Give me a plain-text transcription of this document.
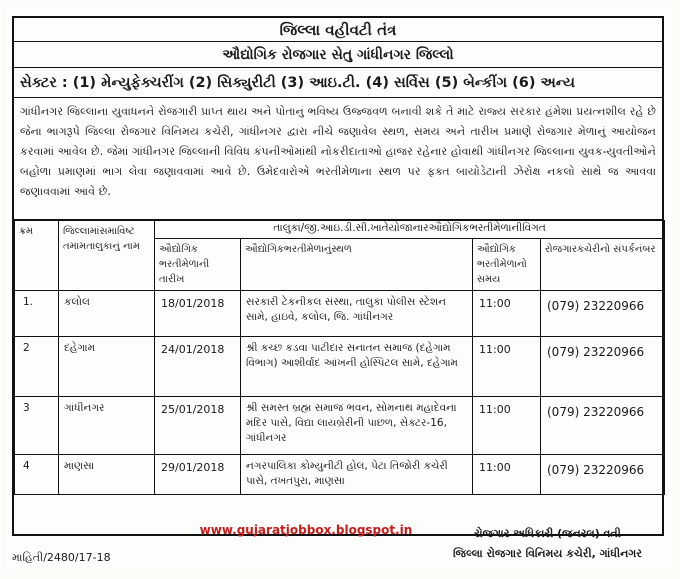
જિલ્લા વહીવટી તંત્ર
ઔદ્યોગિક રોજગાર સેતુ ગાંધીનગર જિલ્લો
સેક્ટર : (1) મેન્યુફેક્ચરીંગ (2) સિક્યુરીટી (3) આઇ.ટી. (4) સર્વિસ (5) બેન્કીંગ (6) અન્ય
ગાંધીનગર જિલ્લાના યુવાધનને રોજગારી પ્રાપ્ત થાય અને પોતાનું ભવિષ્ય ઉજ્જવળ બનાવી શકે તે માટે રાજ્ય સરકાર હંમેશા પ્રયત્નશીલ રહે છે જેના ભાગરૂપે જિલ્લા રોજગાર વિનિમય કચેરી, ગાંધીનગર દ્વારા નીચે જણાવેલ સ્થળ, સમય અને તારીખ પ્રમાણે રોજગાર મેળાનું આયોજન કરવામાં આવેલ છે. જેમાં ગાંધીનગર જિલ્લાની વિવિધ કંપનીઓમાંથી નોકરીદાતાઓ હાજર રહેનાર હોવાથી ગાંધીનગર જિલ્લાના યુવક-યુવતીઓને બહોળા પ્રમાણમાં ભાગ લેવા જણાવવામાં આવે છે. ઉમેદવારોએ ભરતીમેળાના સ્થળ પર ફક્ત બાયોડેટાની ઝેરોક્ષ નકલો સાથે જ આવવા જણાવવામાં આવે છે.
ક્રમ	જિલ્લામાંસમાવિષ્ટ તમામતાલુકાનું નામ	તાલુકા/જી.આઇ.ડી.સી.ખાતેયોજાનારઔદ્યોગિકભરતીમેળાનીવિગત			
		ઔદ્યોગિક ભરતીમેળાની તારીખ	ઔદ્યોગિકભરતીમેળાનુંસ્થળ	ઔદ્યોગિક ભરતીમેળાનો સમય	રોજગારકચેરીનો સંપર્કનંબર
1.	કલોલ	18/01/2018	સરકારી ટેકનીકલ સંસ્થા, તાલુકા પોલીસ સ્ટેશન સામે, હાઇવે, કલોલ, જિ. ગાંધીનગર	11:00	(079) 23220966
2	દહેગામ	24/01/2018	શ્રી કચ્છ કડવા પાટીદાર સનાતન સમાજ (દહેગામ વિભાગ) આશીર્વાદ આંખની હોસ્પિટલ સામે, દહેગામ	11:00	(079) 23220966
3	ગાંધીનગર	25/01/2018	શ્રી સમસ્ત બ્રહ્મ સમાજ ભવન, સોમનાથ મહાદેવના મંદિર પાસે, વિદ્યા લાયબ્રેરીની પાછળ, સેક્ટર-16, ગાંધીનગર	11:00	(079) 23220966
4	માણસા	29/01/2018	નગરપાલિકા કોમ્યુનીટી હોલ, પેટા તિજોરી કચેરી પાસે, તખતપુરા, માણસા	11:00	(079) 23220966
www.gujaratjobbox.blogspot.in
માહિતી/2480/17-18
રોજગાર અધિકારી (જનરલ) વતી
જિલ્લા રોજગાર વિનિમય કચેરી, ગાંધીનગર
